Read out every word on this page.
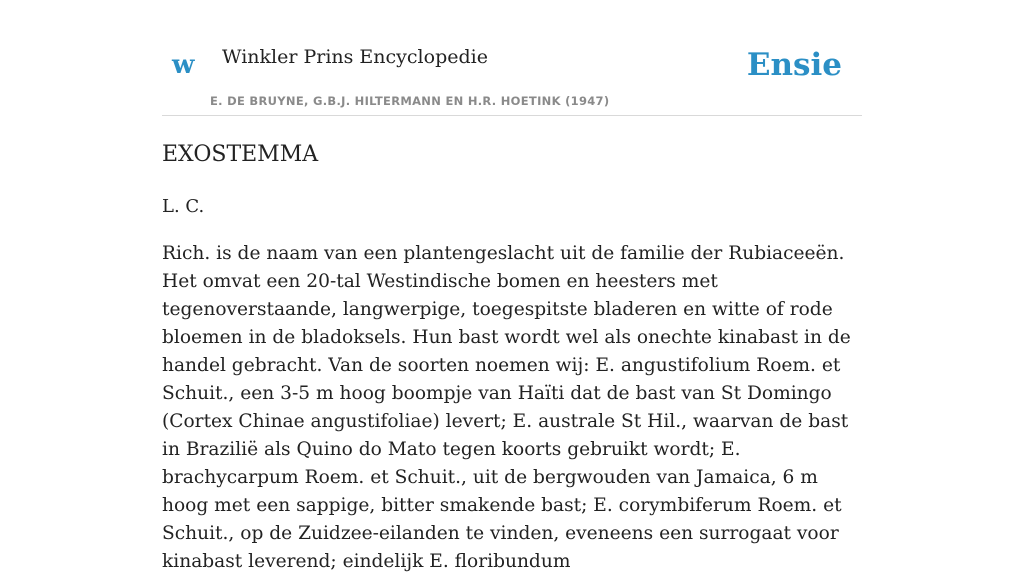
w Winkler Prins Encyclopedie
E. DE BRUYNE, G.B.J. HILTERMANN EN H.R. HOETINK (1947)
Ensie
EXOSTEMMA

L. C.

Rich. is de naam van een plantengeslacht uit de familie der Rubiaceeën. Het omvat een 20-tal Westindische bomen en heesters met tegenoverstaande, langwerpige, toegespitste bladeren en witte of rode bloemen in de bladoksels. Hun bast wordt wel als onechte kinabast in de handel gebracht. Van de soorten noemen wij: E. angustifolium Roem. et Schuit., een 3-5 m hoog boompje van Haïti dat de bast van St Domingo (Cortex Chinae angustifoliae) levert; E. australe St Hil., waarvan de bast in Brazilië als Quino do Mato tegen koorts gebruikt wordt; E. brachycarpum Roem. et Schuit., uit de bergwouden van Jamaica, 6 m hoog met een sappige, bitter smakende bast; E. corymbiferum Roem. et Schuit., op de Zuidzee-eilanden te vinden, eveneens een surrogaat voor kinabast leverend; eindelijk E. floribundum
